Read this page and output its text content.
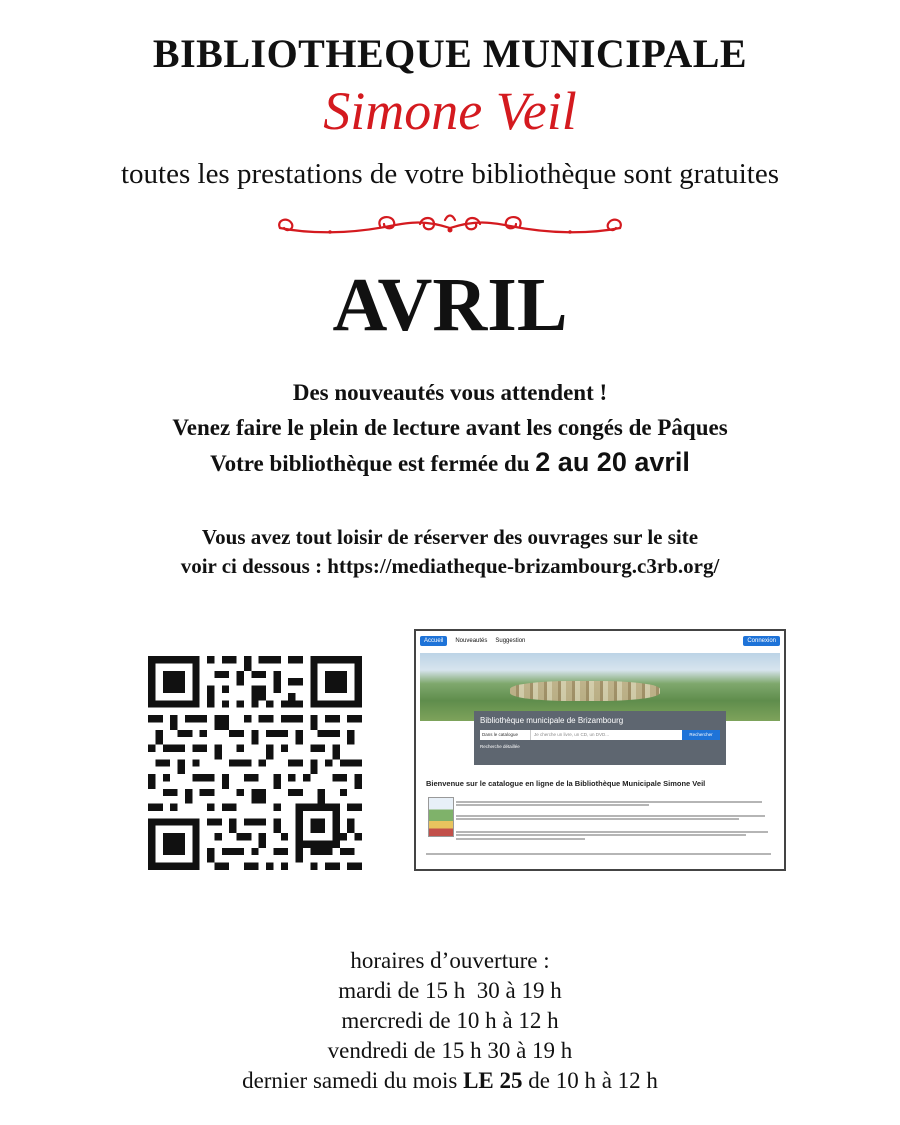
BIBLIOTHEQUE MUNICIPALE
Simone Veil
toutes les prestations de votre bibliothèque sont gratuites
AVRIL
Des nouveautés vous attendent !
Venez faire le plein de lecture avant les congés de Pâques
Votre bibliothèque est fermée du 2 au 20 avril
Vous avez tout loisir de réserver des ouvrages sur le site
voir ci dessous : https://mediatheque-brizambourg.c3rb.org/
Accueil	Nouveautés Suggestion	Connexion
Bibliothèque municipale de Brizambourg
Dans le catalogue	Je cherche un livre, un CD, un DVD...	Rechercher
Recherche détaillée
Bienvenue sur le catalogue en ligne de la Bibliothèque Municipale Simone Veil
horaires d’ouverture :
mardi de 15 h  30 à 19 h
mercredi de 10 h à 12 h
vendredi de 15 h 30 à 19 h
dernier samedi du mois LE 25 de 10 h à 12 h
